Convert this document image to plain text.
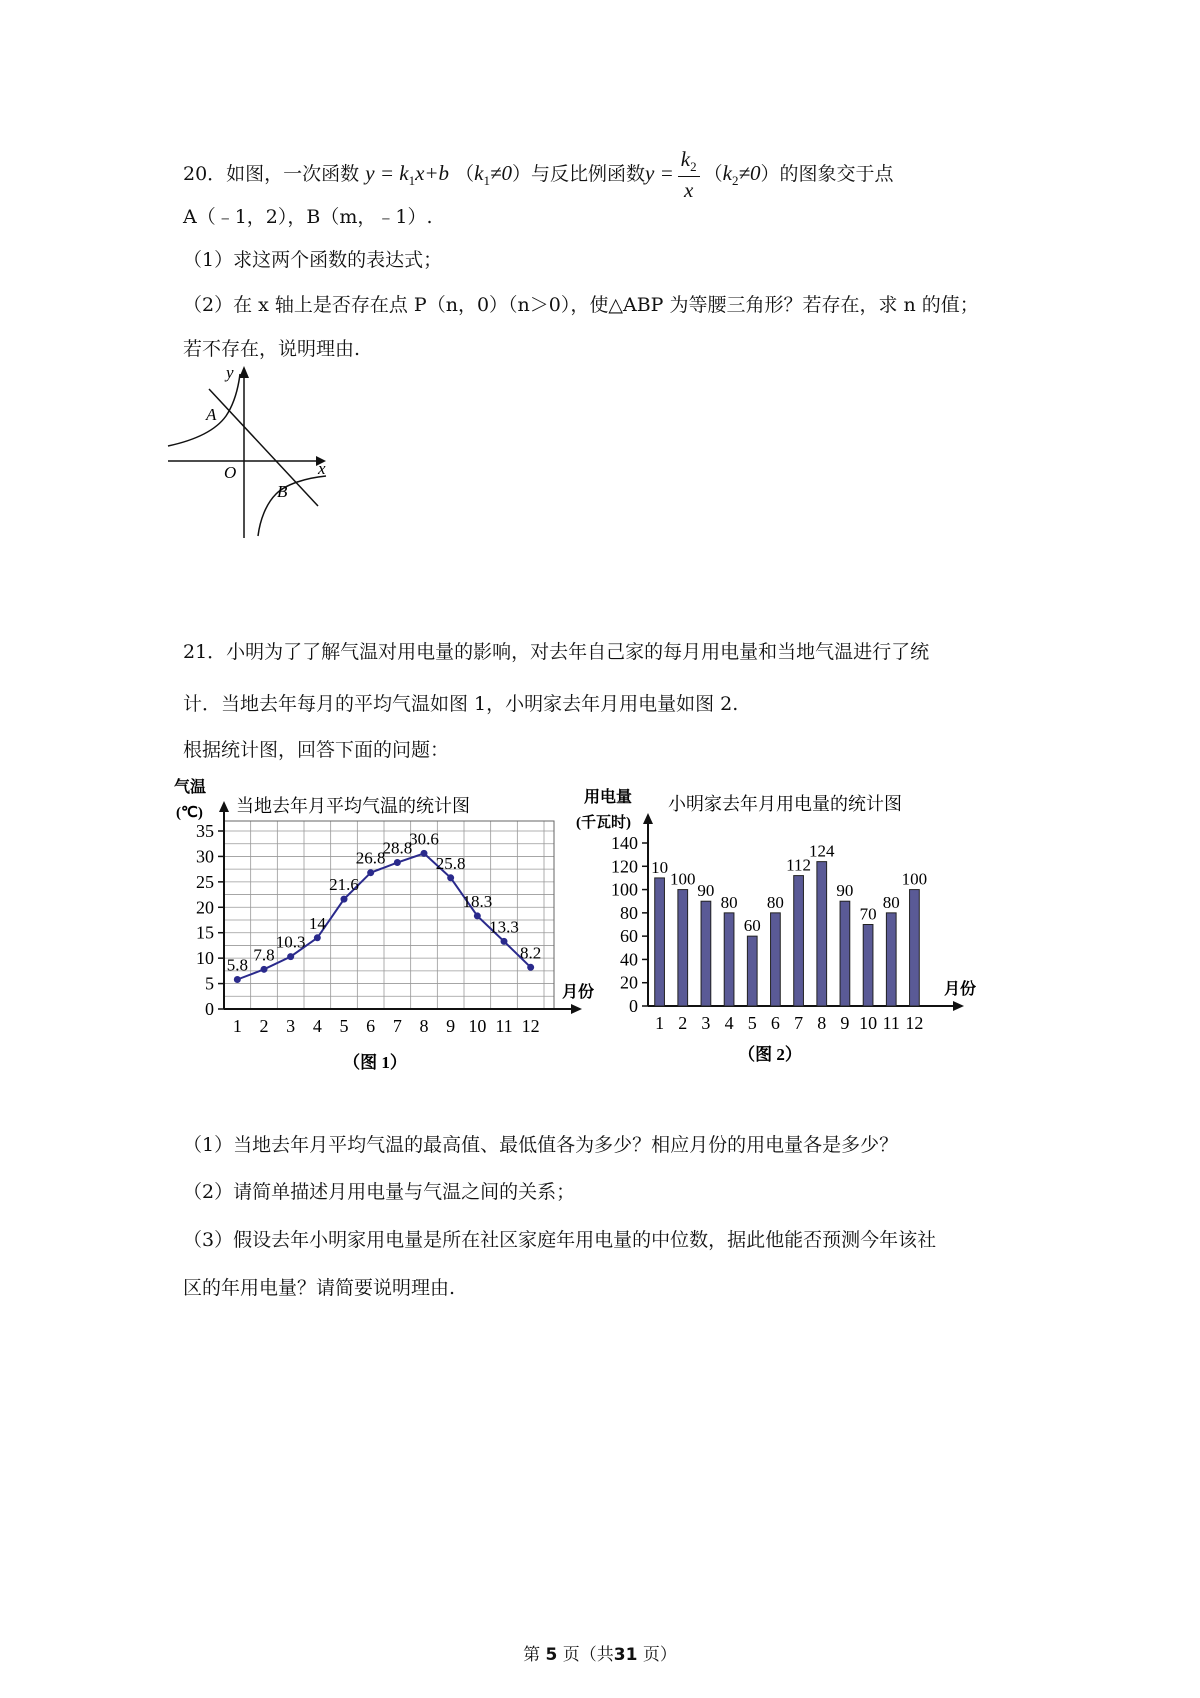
20．如图，一次函数 $y = k_1x+b$ $(k_1\ne 0)$与反比例函数$y = \frac{k_2}{x} (k_2\ne 0)$的图象交于点
A（﹣1，2），B（m，﹣1）.
（1）求这两个函数的表达式；
（2）在 x 轴上是否存在点 P（n，0）（n＞0），使△ABP 为等腰三角形？若存在，求 n 的值；
若不存在，说明理由.
y
x
O
A
B
21．小明为了了解气温对用电量的影响，对去年自己家的每月用电量和当地气温进行了统
计．当地去年每月的平均气温如图 1，小明家去年月用电量如图 2.
根据统计图，回答下面的问题：
当地去年月平均气温的统计图
气温
(℃)
月份
0
5
10
15
20
25
30
35
1 2 3 4 5 6 7 8 9 10 11 12
5.8
7.8
10.3
14
21.6
26.8
28.8
30.6
25.8
18.3
13.3
8.2
（图 1）
小明家去年月用电量的统计图
用电量
(千瓦时)
月份
0
20
40
60
80
100
120
140
1 2 3 4 5 6 7 8 9 10 11 12
10
100
90
80
60
80
112
124
90
70
80
100
（图 2）
（1）当地去年月平均气温的最高值、最低值各为多少？相应月份的用电量各是多少？
（2）请简单描述月用电量与气温之间的关系；
（3）假设去年小明家用电量是所在社区家庭年用电量的中位数，据此他能否预测今年该社
区的年用电量？请简要说明理由.
第 5 页（共31 页）
